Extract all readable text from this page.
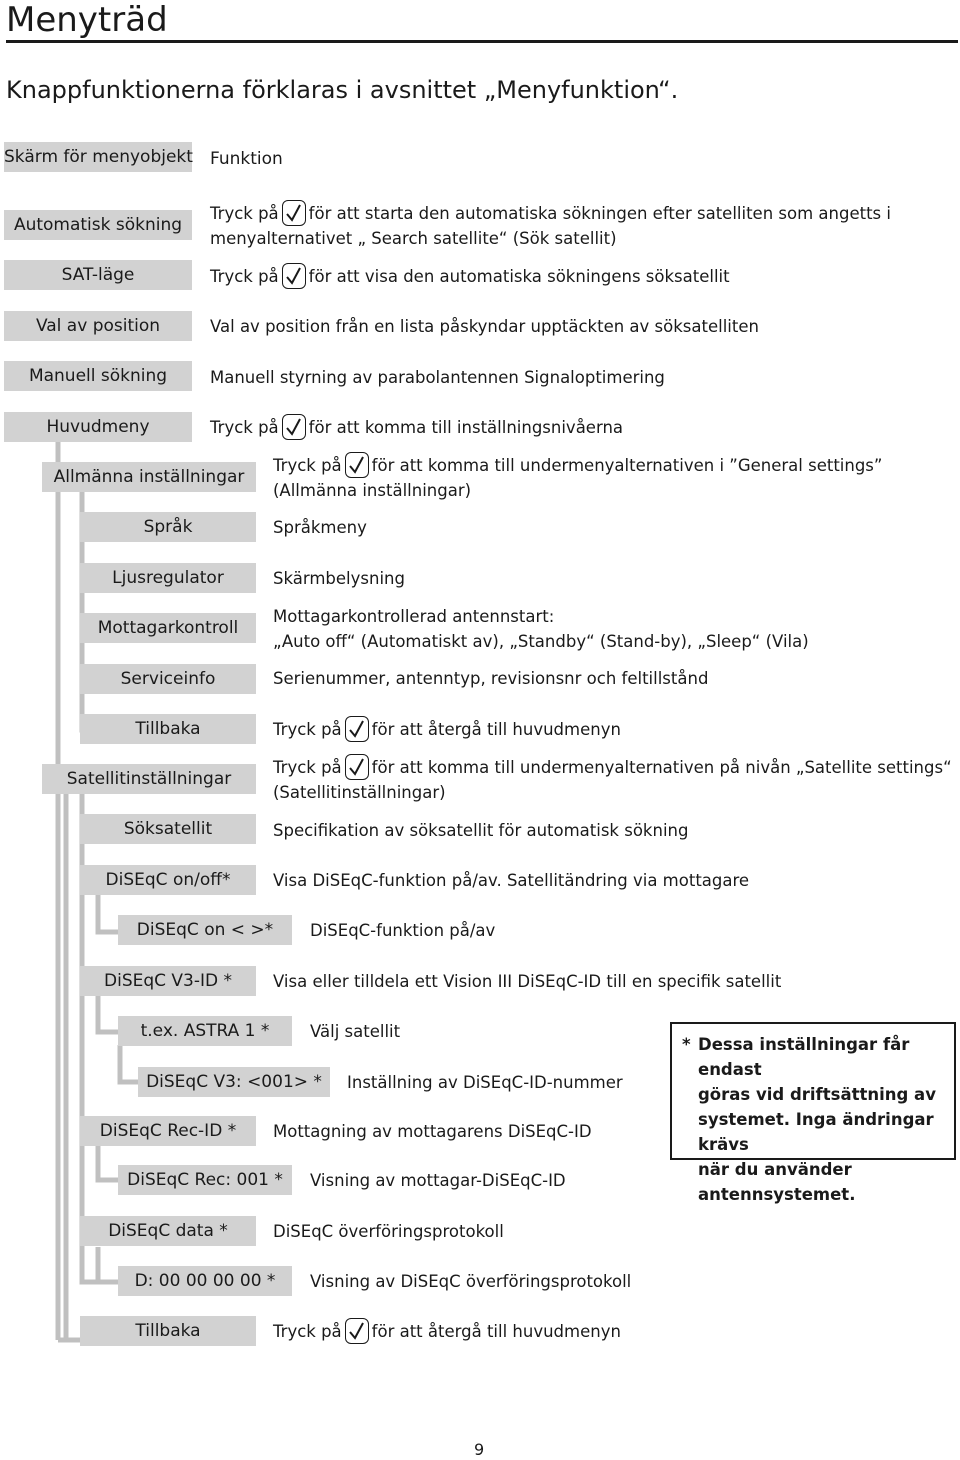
Menyträd
Knappfunktionerna förklaras i avsnittet „Menyfunktion“.
Skärm för menyobjekt Funktion
Automatisk sökning
SAT-läge
Val av position
Manuell sökning
Huvudmeny
Allmänna inställningar
Språk
Ljusregulator
Mottagarkontroll
Serviceinfo
Tillbaka
Satellitinställningar
Söksatellit
DiSEqC on/off*
DiSEqC on < >*
DiSEqC V3-ID *
t.ex. ASTRA 1 *
DiSEqC V3: <001> *
DiSEqC Rec-ID *
DiSEqC Rec: 001 *
DiSEqC data *
D: 00 00 00 00 *
Tillbaka
Tryck på för att starta den automatiska sökningen efter satelliten som angetts i
menyalternativet „ Search satellite“ (Sök satellit)
Tryck på för att visa den automatiska sökningens söksatellit
Val av position från en lista påskyndar upptäckten av söksatelliten
Manuell styrning av parabolantennen Signaloptimering
Tryck på för att komma till inställningsnivåerna
Tryck på för att komma till undermenyalternativen i ”General settings”
(Allmänna inställningar)
Språkmeny
Skärmbelysning
Mottagarkontrollerad antennstart:
„Auto off“ (Automatiskt av), „Standby“ (Stand-by), „Sleep“ (Vila)
Serienummer, antenntyp, revisionsnr och feltillstånd
Tryck på för att återgå till huvudmenyn
Tryck på för att komma till undermenyalternativen på nivån „Satellite settings“
(Satellitinställningar)
Specifikation av söksatellit för automatisk sökning
Visa DiSEqC-funktion på/av. Satellitändring via mottagare
DiSEqC-funktion på/av
Visa eller tilldela ett Vision III DiSEqC-ID till en specifik satellit
Välj satellit
Inställning av DiSEqC-ID-nummer
Mottagning av mottagarens DiSEqC-ID
Visning av mottagar-DiSEqC-ID
DiSEqC överföringsprotokoll
Visning av DiSEqC överföringsprotokoll
Tryck på för att återgå till huvudmenyn
* Dessa inställningar får endast
göras vid driftsättning av
systemet. Inga ändringar krävs
när du använder
antennsystemet.
9
